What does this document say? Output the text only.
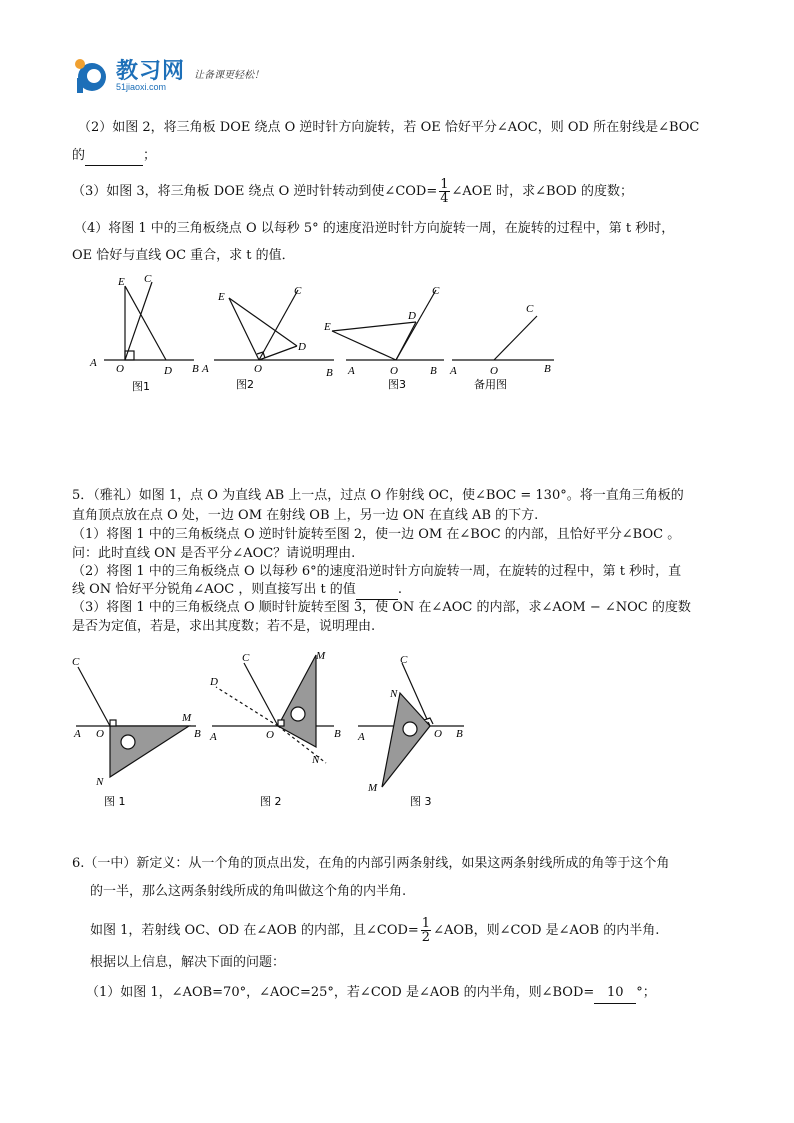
教习网
51jiaoxi.com
让备课更轻松！
（2）如图 2，将三角板 DOE 绕点 O 逆时针方向旋转，若 OE 恰好平分∠AOC，则 OD 所在射线是∠BOC
的	；
（3）如图 3，将三角板 DOE 绕点 O 逆时针转动到使∠COD= $\frac{1}{4}$ ∠AOE 时，求∠BOD 的度数；
（4）将图 1 中的三角板绕点 O 以每秒 5° 的速度沿逆时针方向旋转一周，在旋转的过程中，第 t 秒时，
OE 恰好与直线 OC 重合，求 t 的值．
E C
A O	D B
图1
A
E	C
D
O	B
图2
E
D
C
A	O	B
图3
C
A	O	B
备用图
5．（雅礼）如图 1，点 O 为直线 AB 上一点，过点 O 作射线 OC，使∠BOC = 130°。将一直角三角板的
直角顶点放在点 O 处，一边 OM 在射线 OB 上，另一边 ON 在直线 AB 的下方.
（1）将图 1 中的三角板绕点 O 逆时针旋转至图 2，使一边 OM 在∠BOC 的内部，且恰好平分∠BOC 。
问：此时直线 ON 是否平分∠AOC？请说明理由.
（2）将图 1 中的三角板绕点 O 以每秒 6°的速度沿逆时针方向旋转一周，在旋转的过程中，第 t 秒时，直
线 ON 恰好平分锐角∠AOC ，则直接写出 t 的值	.
（3）将图 1 中的三角板绕点 O 顺时针旋转至图 3，使 ON 在∠AOC 的内部，求∠AOM − ∠NOC 的度数
是否为定值，若是，求出其度数；若不是，说明理由.
C
A O
M
B
N
图 1
C
D
M
A	O	B
N
图 2
C
N
A	O B
M
图 3
6.（一中）新定义：从一个角的顶点出发，在角的内部引两条射线，如果这两条射线所成的角等于这个角
的一半，那么这两条射线所成的角叫做这个角的内半角.
如图 1，若射线 OC、OD 在∠AOB 的内部，且∠COD= $\frac{1}{2}$ ∠AOB，则∠COD 是∠AOB 的内半角.
根据以上信息，解决下面的问题：
（1）如图 1，∠AOB=70°，∠AOC=25°，若∠COD 是∠AOB 的内半角，则∠BOD= 10 °；
